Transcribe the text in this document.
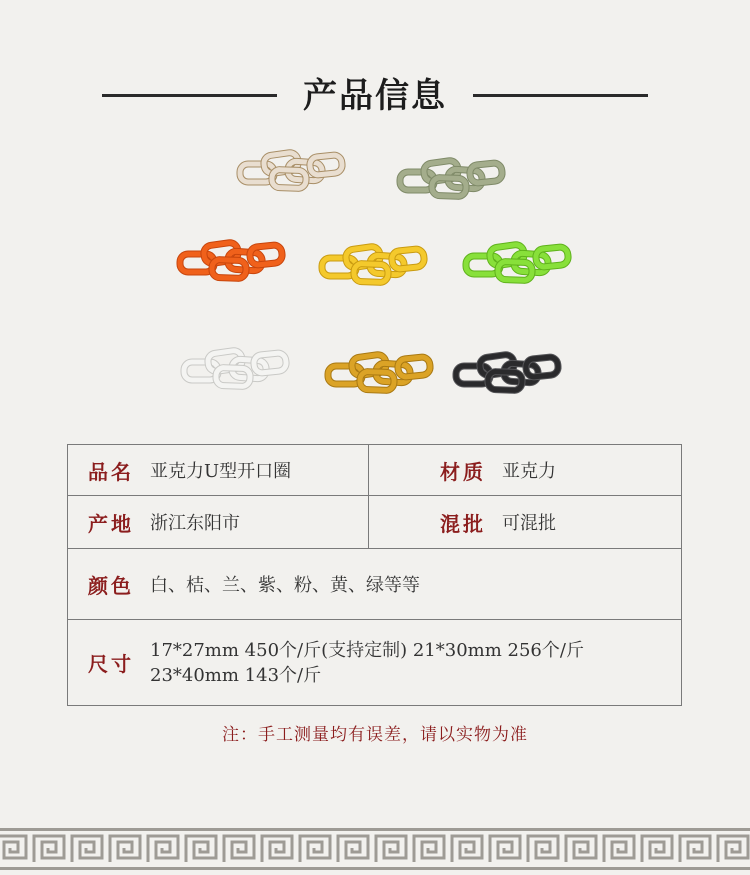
产品信息
品名 亚克力U型开口圈	材质 亚克力
产地 浙江东阳市	混批 可混批
颜色 白、桔、兰、紫、粉、黄、绿等等
尺寸
17*27mm 450个/斤(支持定制) 21*30mm 256个/斤
23*40mm 143个/斤
注：手工测量均有误差，请以实物为准
